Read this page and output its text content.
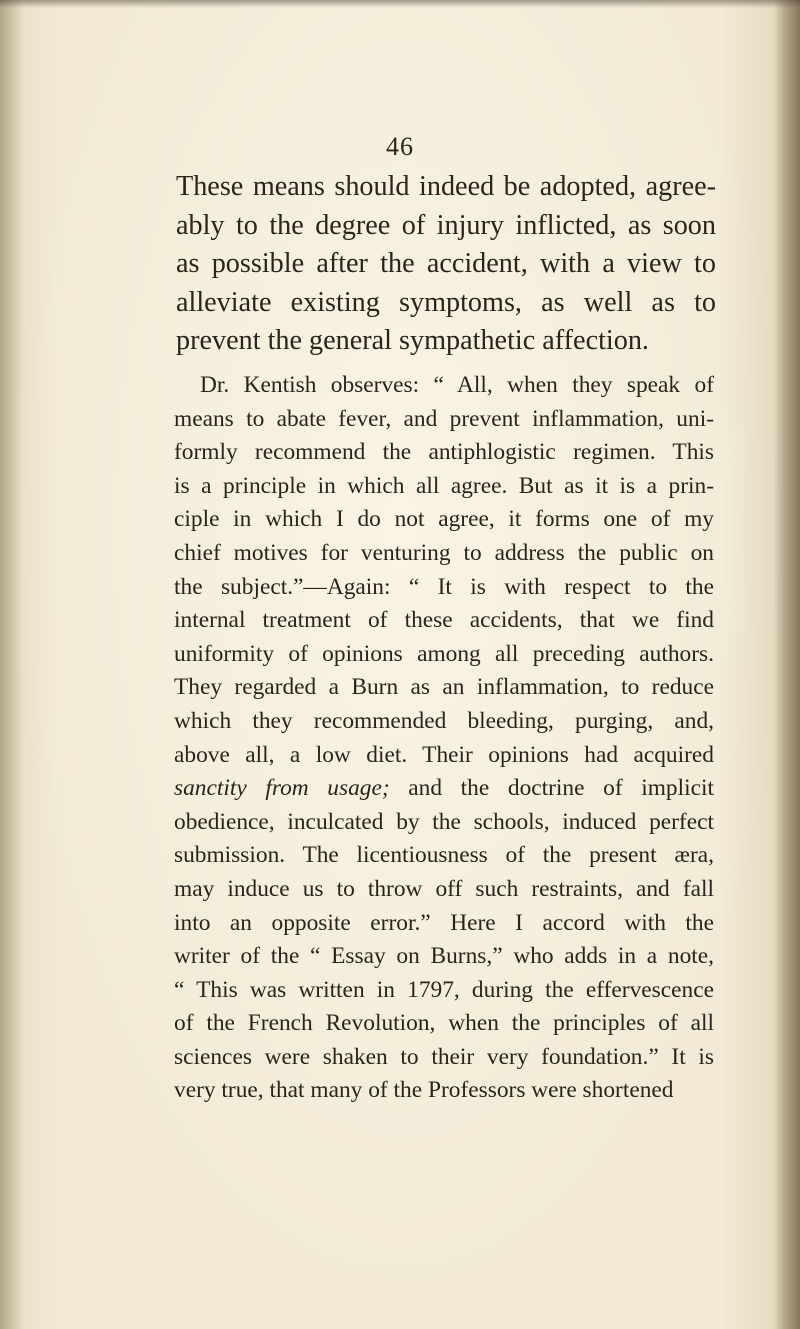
46
These means should indeed be adopted, agree-
ably to the degree of injury inflicted, as soon
as possible after the accident, with a view to
alleviate existing symptoms, as well as to
prevent the general sympathetic affection.
Dr. Kentish observes: “ All, when they speak of
means to abate fever, and prevent inflammation, uni-
formly recommend the antiphlogistic regimen. This
is a principle in which all agree. But as it is a prin-
ciple in which I do not agree, it forms one of my
chief motives for venturing to address the public on
the subject.”—Again: “ It is with respect to the
internal treatment of these accidents, that we find
uniformity of opinions among all preceding authors.
They regarded a Burn as an inflammation, to reduce
which they recommended bleeding, purging, and,
above all, a low diet. Their opinions had acquired
sanctity from usage; and the doctrine of implicit
obedience, inculcated by the schools, induced perfect
submission. The licentiousness of the present æra,
may induce us to throw off such restraints, and fall
into an opposite error.” Here I accord with the
writer of the “ Essay on Burns,” who adds in a note,
“ This was written in 1797, during the effervescence
of the French Revolution, when the principles of all
sciences were shaken to their very foundation.” It is
very true, that many of the Professors were shortened
